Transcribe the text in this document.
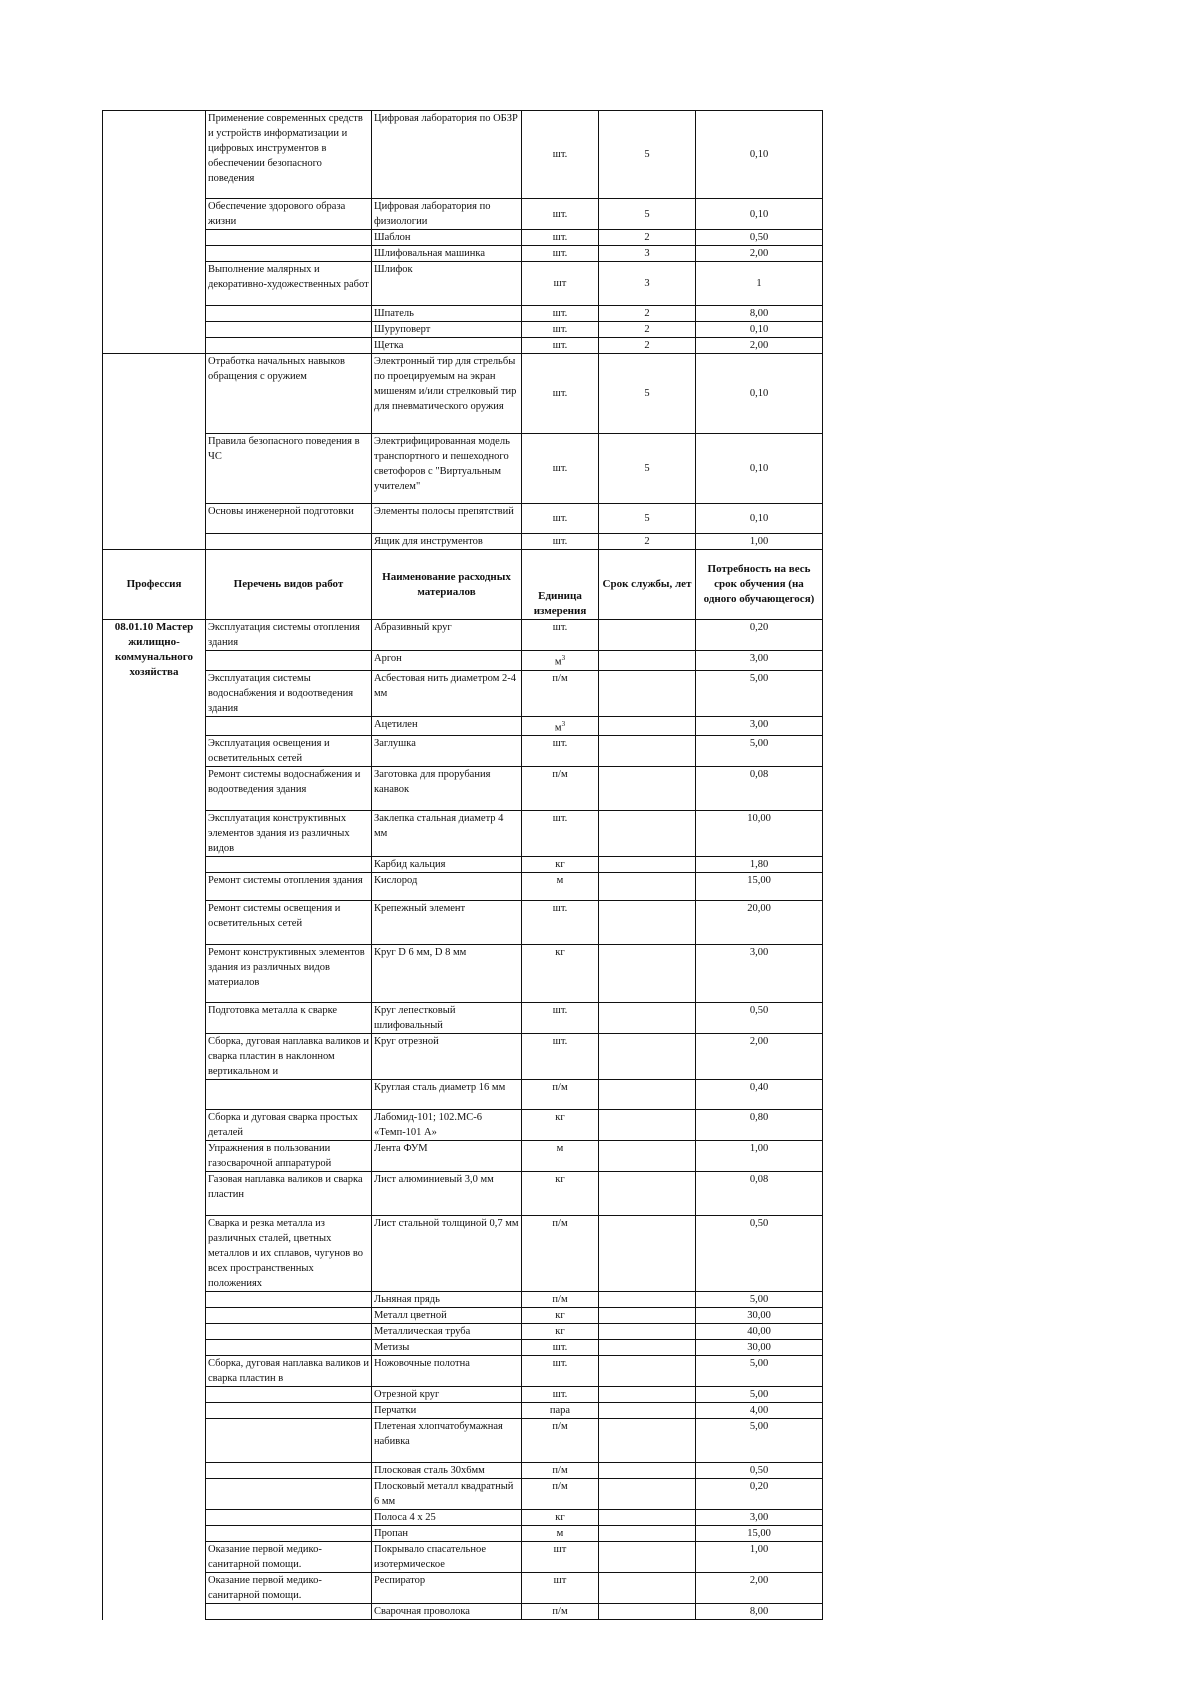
	Применение современных средств и устройств информатизации и цифровых инструментов в обеспечении безопасного поведения	Цифровая лаборатория по ОБЗР	шт.	5	0,10
	Обеспечение здорового образа жизни	Цифровая лаборатория по физиологии	шт.	5	0,10
		Шаблон	шт.	2	0,50
		Шлифовальная машинка	шт.	3	2,00
	Выполнение малярных и декоративно-художественных работ	Шлифок	шт	3	1
		Шпатель	шт.	2	8,00
		Шуруповерт	шт.	2	0,10
		Щетка	шт.	2	2,00
	Отработка начальных навыков обращения с оружием	Электронный тир для стрельбы по проецируемым на экран мишеням и/или стрелковый тир для пневматического оружия	шт.	5	0,10
	Правила безопасного поведения в ЧС	Электрифицированная модель транспортного и пешеходного светофоров с "Виртуальным учителем"	шт.	5	0,10
	Основы инженерной подготовки	Элементы полосы препятствий	шт.	5	0,10
		Ящик для инструментов	шт.	2	1,00
Профессия	Перечень видов работ	Наименование расходных материалов	Единица измерения	Срок службы, лет	Потребность на весь срок обучения (на одного обучающегося)
08.01.10 Мастер жилищно-коммунального хозяйства	Эксплуатация системы отопления здания	Абразивный круг	шт.		0,20
		Аргон	$м^3$		3,00
	Эксплуатация системы водоснабжения и водоотведения здания	Асбестовая нить диаметром 2-4 мм	п/м		5,00
		Ацетилен	$м^3$		3,00
	Эксплуатация освещения и осветительных сетей	Заглушка	шт.		5,00
	Ремонт системы водоснабжения и водоотведения здания	Заготовка для прорубания канавок	п/м		0,08
	Эксплуатация конструктивных элементов здания из различных видов	Заклепка стальная диаметр 4 мм	шт.		10,00
		Карбид кальция	кг		1,80
	Ремонт системы отопления здания	Кислород	м		15,00
	Ремонт системы освещения и осветительных сетей	Крепежный элемент	шт.		20,00
	Ремонт конструктивных элементов здания из различных видов материалов	Круг D 6 мм, D 8 мм	кг		3,00
	Подготовка металла к сварке	Круг лепестковый шлифовальный	шт.		0,50
	Сборка, дуговая наплавка валиков и сварка пластин в наклонном вертикальном и	Круг отрезной	шт.		2,00
		Круглая сталь диаметр 16 мм	п/м		0,40
	Сборка и дуговая сварка простых деталей	Лабомид-101; 102.МС-6 «Темп-101 А»	кг		0,80
	Упражнения в пользовании газосварочной аппаратурой	Лента ФУМ	м		1,00
	Газовая наплавка валиков и сварка пластин	Лист алюминиевый 3,0 мм	кг		0,08
	Сварка и резка металла из различных сталей, цветных металлов и их сплавов, чугунов во всех пространственных положениях	Лист стальной толщиной 0,7 мм	п/м		0,50
		Льняная прядь	п/м		5,00
		Металл цветной	кг		30,00
		Металлическая труба	кг		40,00
		Метизы	шт.		30,00
	Сборка, дуговая наплавка валиков и сварка пластин в	Ножовочные полотна	шт.		5,00
		Отрезной круг	шт.		5,00
		Перчатки	пара		4,00
		Плетеная хлопчатобумажная набивка	п/м		5,00
		Плосковая сталь 30х6мм	п/м		0,50
		Плосковый металл квадратный 6 мм	п/м		0,20
		Полоса 4 х 25	кг		3,00
		Пропан	м		15,00
	Оказание первой медико-санитарной помощи.	Покрывало спасательное изотермическое	шт		1,00
	Оказание первой медико-санитарной помощи.	Респиратор	шт		2,00
		Сварочная проволока	п/м		8,00
